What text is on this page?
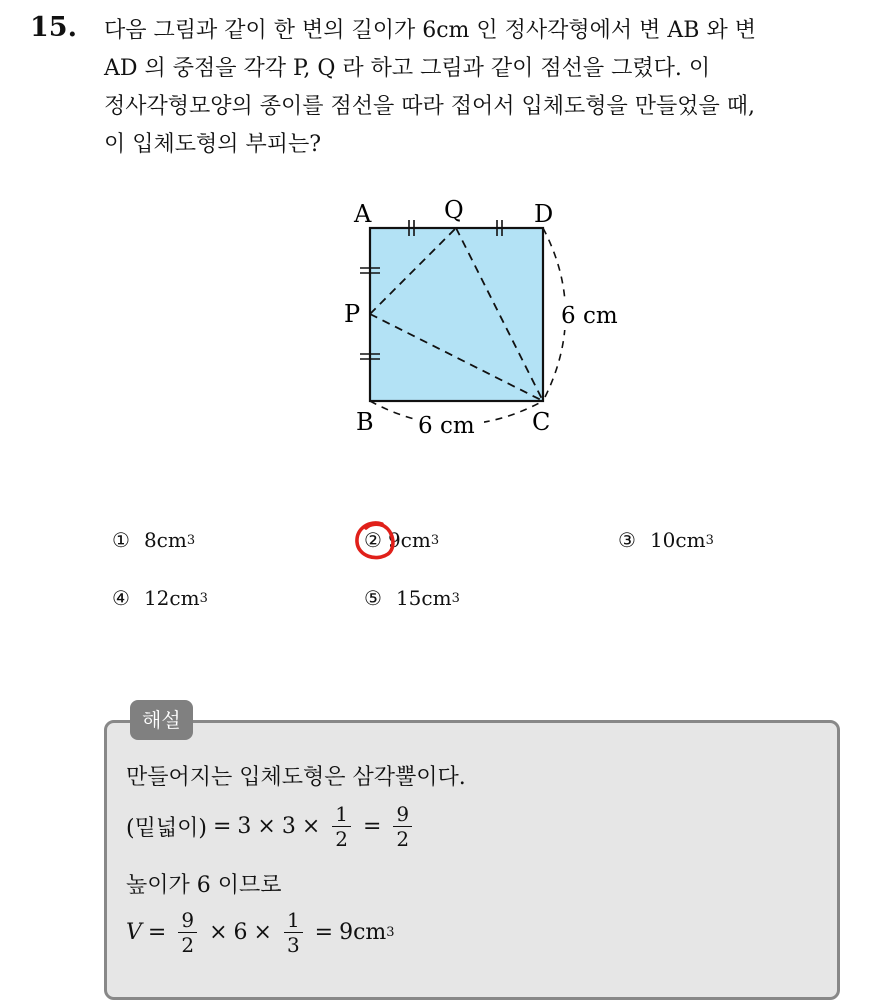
15. 다음 그림과 같이 한 변의 길이가 6cm 인 정사각형에서 변 AB 와 변
AD 의 중점을 각각 P, Q 라 하고 그림과 같이 점선을 그렸다. 이
정사각형모양의 종이를 점선을 따라 접어서 입체도형을 만들었을 때,
이 입체도형의 부피는?
A	Q	D
P
B	C
6 cm
6 cm
① 8cm 3	② 9cm 3	③ 10cm 3
④ 12cm 3	⑤ 15cm 3
해설
만들어지는 입체도형은 삼각뿔이다.
(밑넓이) = $3 \times 3 \times \frac{1}{2} = \frac{9}{2}$
높이가 6 이므로
$V = \frac{9}{2} \times 6 \times \frac{1}{3} = 9cm$ 3
